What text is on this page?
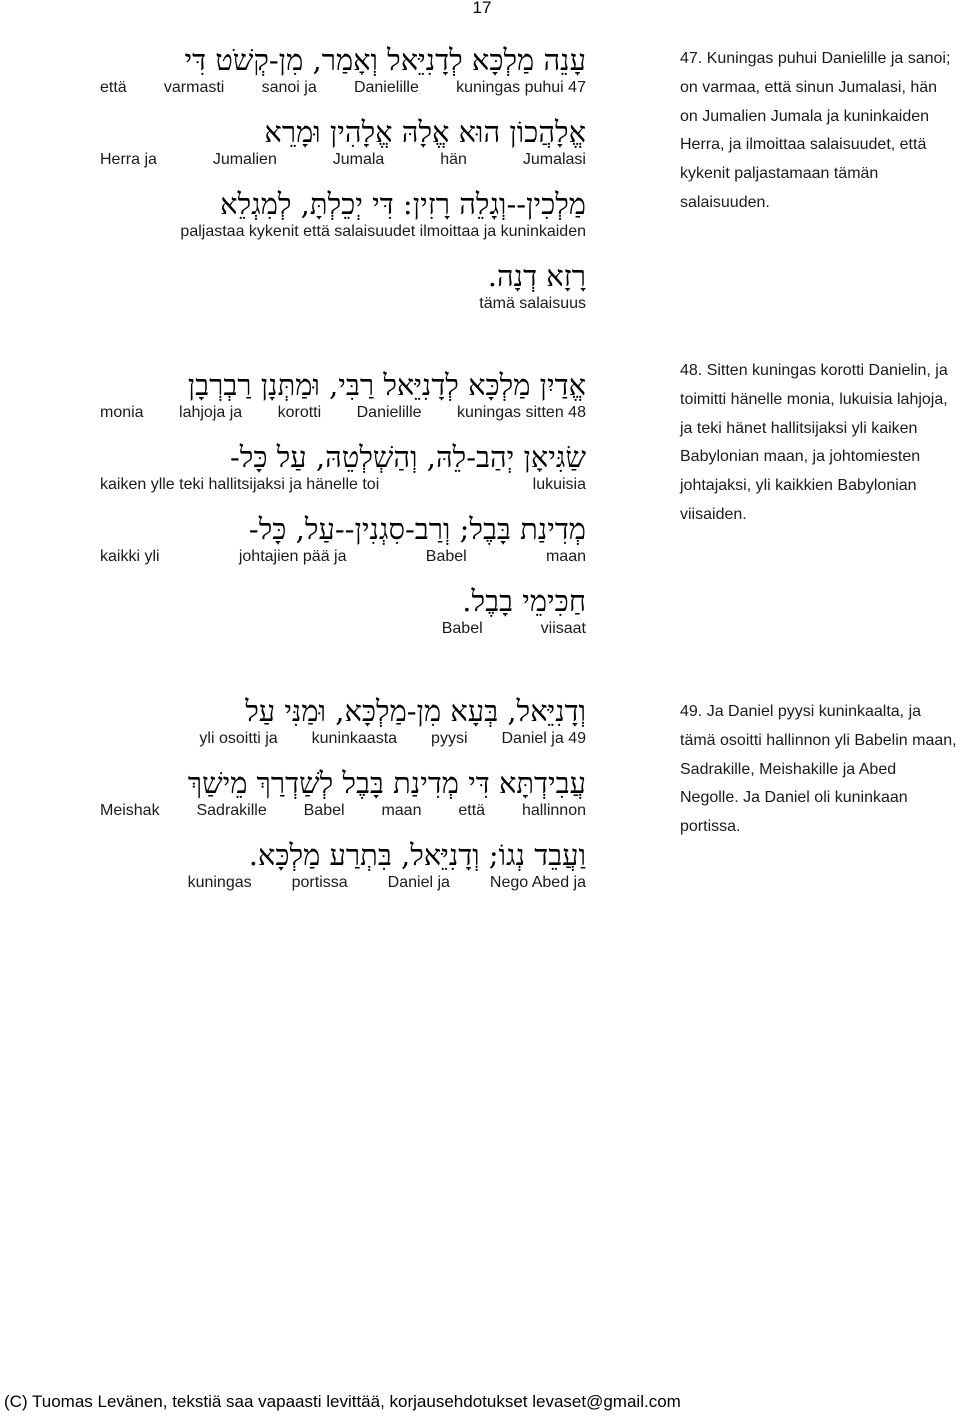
17
עָנֵה מַלְכָּא לְדָנִיֵּאל וְאָמַר, מִן-קְשֹׁט דִּי
että varmasti sanoi ja Danielille kuningas puhui 47
אֱלָהֲכוֹן הוּא אֱלָהּ אֱלָהִין וּמָרֵא
Herra ja	Jumalien	Jumala	hän	Jumalasi
מַלְכִין--וְגָלֵה רָזִין: דִּי יְכֵלְתָּ, לְמִגְלֵא
paljastaa kykenit että salaisuudet ilmoittaa ja kuninkaiden
רָזָא דְנָה.
tämä salaisuus
47. Kuningas puhui Danielille ja sanoi; on varmaa, että sinun Jumalasi, hän on Jumalien Jumala ja kuninkaiden Herra, ja ilmoittaa salaisuudet, että kykenit paljastamaan tämän salaisuuden.
אֱדַיִן מַלְכָּא לְדָנִיֵּאל רַבִּי, וּמַתְּנָן רַבְרְבָן
monia lahjoja ja korotti Danielille kuningas sitten 48
שַׂגִּיאָן יְהַב-לֵהּ, וְהַשְׁלְטֵהּ, עַל כָּל-
kaiken ylle teki hallitsijaksi ja hänelle toi	lukuisia
מְדִינַת בָּבֶל; וְרַב-סִגְנִין--עַל, כָּל-
kaikki yli	johtajien pää ja	Babel	maan
חַכִּימֵי בָבֶל.
Babel	viisaat
48. Sitten kuningas korotti Danielin, ja toimitti hänelle monia, lukuisia lahjoja, ja teki hänet hallitsijaksi yli kaiken Babylonian maan, ja johtomiesten johtajaksi, yli kaikkien Babylonian viisaiden.
וְדָנִיֵּאל, בְּעָא מִן-מַלְכָּא, וּמַנִּי עַל
yli osoitti ja kuninkaasta pyysi Daniel ja 49
עֲבִידְתָּא דִּי מְדִינַת בָּבֶל לְשַׁדְרַךְ מֵישַׁךְ
Meishak Sadrakille Babel maan että hallinnon
וַעֲבֵד נְגוֹ; וְדָנִיֵּאל, בִּתְרַע מַלְכָּא.
kuningas	portissa	Daniel ja	Nego Abed ja
49. Ja Daniel pyysi kuninkaalta, ja tämä osoitti hallinnon yli Babelin maan, Sadrakille, Meishakille ja Abed Negolle. Ja Daniel oli kuninkaan portissa.
(C) Tuomas Levänen, tekstiä saa vapaasti levittää, korjausehdotukset levaset@gmail.com
